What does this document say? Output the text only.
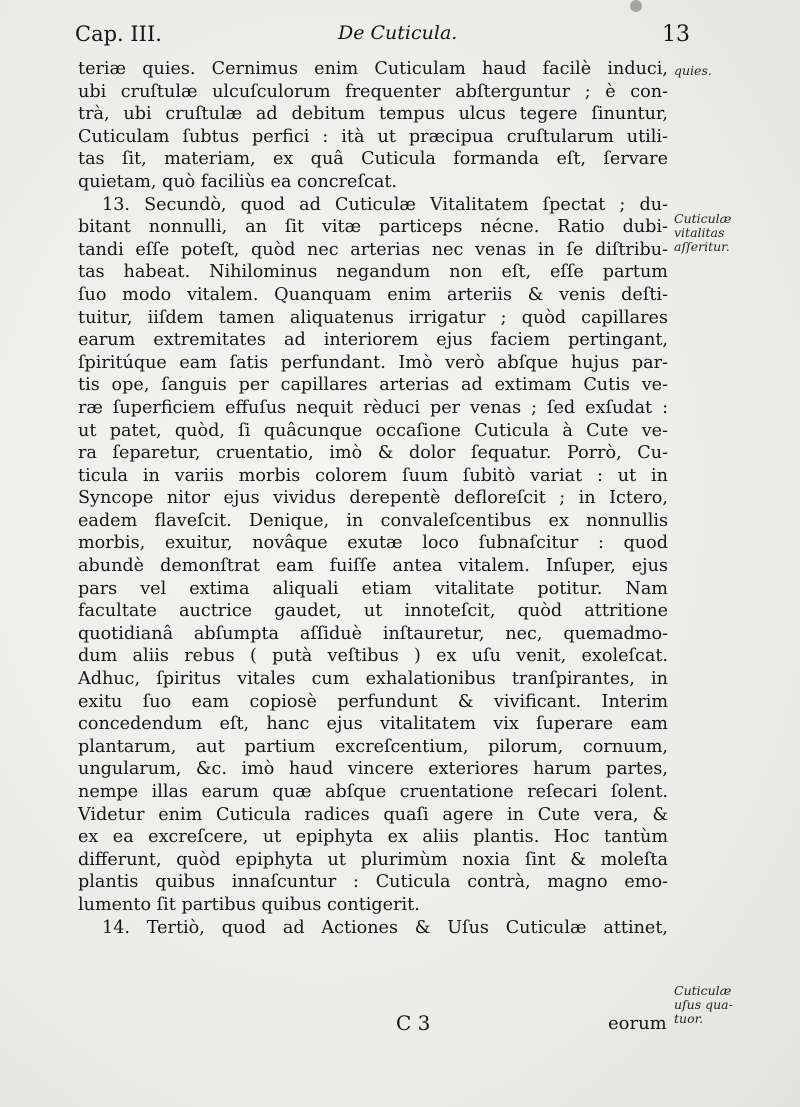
Cap. III.	De Cuticula.	13
teriæ quies. Cernimus enim Cuticulam haud facilè induci,
ubi cruſtulæ ulcuſculorum frequenter abſterguntur ; è con-
trà, ubi cruſtulæ ad debitum tempus ulcus tegere ſinuntur,
Cuticulam ſubtus perfici : ità ut præcipua cruſtularum utili-
tas ſit, materiam, ex quâ Cuticula formanda eſt, ſervare
quietam, quò faciliùs ea concreſcat.
13. Secundò, quod ad Cuticulæ Vitalitatem ſpectat ; du-
bitant nonnulli, an ſit vitæ particeps nécne. Ratio dubi-
tandi eſſe poteſt, quòd nec arterias nec venas in ſe diſtribu-
tas habeat. Nihilominus negandum non eſt, eſſe partum
ſuo modo vitalem. Quanquam enim arteriis & venis deſti-
tuitur, iiſdem tamen aliquatenus irrigatur ; quòd capillares
earum extremitates ad interiorem ejus faciem pertingant,
ſpiritúque eam ſatis perfundant. Imò verò abſque hujus par-
tis ope, ſanguis per capillares arterias ad extimam Cutis ve-
ræ ſuperficiem effuſus nequit rèduci per venas ; ſed exſudat :
ut patet, quòd, ſi quâcunque occaſione Cuticula à Cute ve-
ra ſeparetur, cruentatio, imò & dolor ſequatur. Porrò, Cu-
ticula in variis morbis colorem ſuum ſubitò variat : ut in
Syncope nitor ejus vividus derepentè defloreſcit ; in Ictero,
eadem flaveſcit. Denique, in convaleſcentibus ex nonnullis
morbis, exuitur, novâque exutæ loco ſubnaſcitur : quod
abundè demonſtrat eam fuiſſe antea vitalem. Inſuper, ejus
pars vel extima aliquali etiam vitalitate potitur. Nam
facultate auctrice gaudet, ut innoteſcit, quòd attritione
quotidianâ abſumpta aſſiduè inſtauretur, nec, quemadmo-
dum aliis rebus ( putà veſtibus ) ex uſu venit, exoleſcat.
Adhuc, ſpiritus vitales cum exhalationibus tranſpirantes, in
exitu ſuo eam copiosè perfundunt & vivificant. Interim
concedendum eſt, hanc ejus vitalitatem vix ſuperare eam
plantarum, aut partium excreſcentium, pilorum, cornuum,
ungularum, &c. imò haud vincere exteriores harum partes,
nempe illas earum quæ abſque cruentatione reſecari ſolent.
Videtur enim Cuticula radices quaſi agere in Cute vera, &
ex ea excreſcere, ut epiphyta ex aliis plantis. Hoc tantùm
differunt, quòd epiphyta ut plurimùm noxia ſint & moleſta
plantis quibus innaſcuntur : Cuticula contrà, magno emo-
lumento ſit partibus quibus contigerit.
14. Tertiò, quod ad Actiones & Uſus Cuticulæ attinet,
quies.
Cuticulæ
vitalitas
aſſeritur.
Cuticulæ
uſus qua-
tuor.
C 3	eorum
